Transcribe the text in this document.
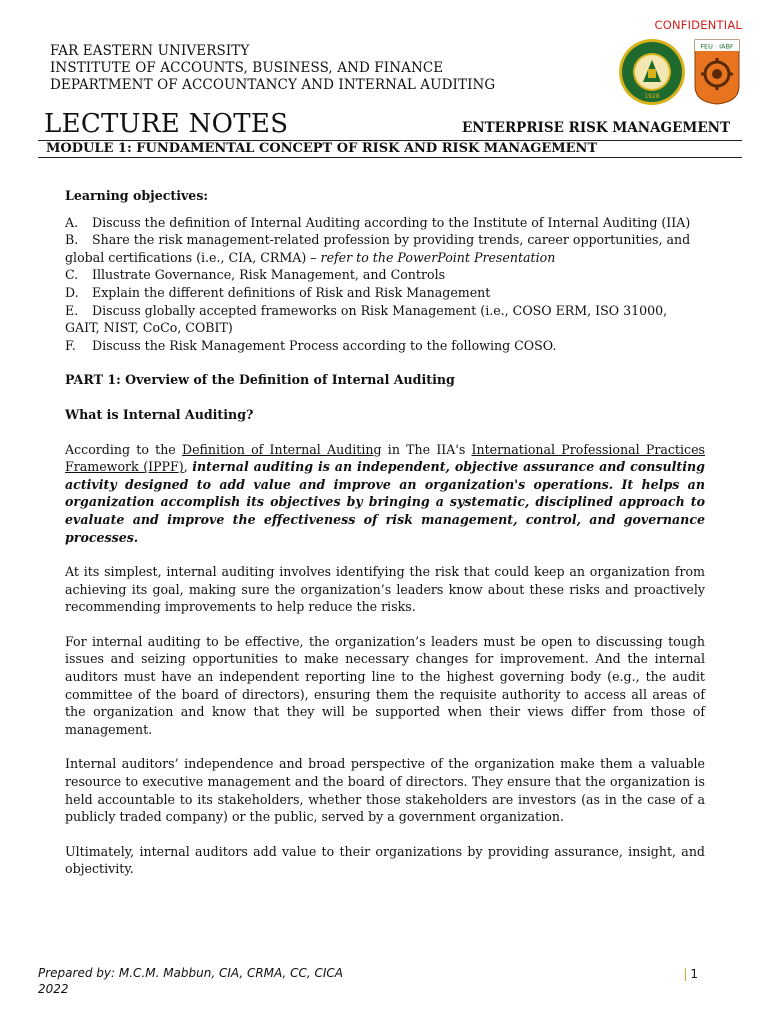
CONFIDENTIAL
FAR EASTERN UNIVERSITY
INSTITUTE OF ACCOUNTS, BUSINESS, AND FINANCE
DEPARTMENT OF ACCOUNTANCY AND INTERNAL AUDITING
1928
FEU · IABF
LECTURE NOTES	ENTERPRISE RISK MANAGEMENT
MODULE 1: FUNDAMENTAL CONCEPT OF RISK AND RISK MANAGEMENT

Learning objectives:

A. Discuss the definition of Internal Auditing according to the Institute of Internal Auditing (IIA)
B. Share the risk management-related profession by providing trends, career opportunities, and global certifications (i.e., CIA, CRMA) – refer to the PowerPoint Presentation
C. Illustrate Governance, Risk Management, and Controls
D. Explain the different definitions of Risk and Risk Management
E. Discuss globally accepted frameworks on Risk Management (i.e., COSO ERM, ISO 31000, GAIT, NIST, CoCo, COBIT)
F. Discuss the Risk Management Process according to the following COSO.

PART 1: Overview of the Definition of Internal Auditing

What is Internal Auditing?

According to the Definition of Internal Auditing in The IIA's International Professional Practices Framework (IPPF), internal auditing is an independent, objective assurance and consulting activity designed to add value and improve an organization's operations. It helps an organization accomplish its objectives by bringing a systematic, disciplined approach to evaluate and improve the effectiveness of risk management, control, and governance processes.

At its simplest, internal auditing involves identifying the risk that could keep an organization from achieving its goal, making sure the organization’s leaders know about these risks and proactively recommending improvements to help reduce the risks.

For internal auditing to be effective, the organization’s leaders must be open to discussing tough issues and seizing opportunities to make necessary changes for improvement. And the internal auditors must have an independent reporting line to the highest governing body (e.g., the audit committee of the board of directors), ensuring them the requisite authority to access all areas of the organization and know that they will be supported when their views differ from those of management.

Internal auditors’ independence and broad perspective of the organization make them a valuable resource to executive management and the board of directors. They ensure that the organization is held accountable to its stakeholders, whether those stakeholders are investors (as in the case of a publicly traded company) or the public, served by a government organization.

Ultimately, internal auditors add value to their organizations by providing assurance, insight, and objectivity.

Prepared by: M.C.M. Mabbun, CIA, CRMA, CC, CICA
2022
| 1
